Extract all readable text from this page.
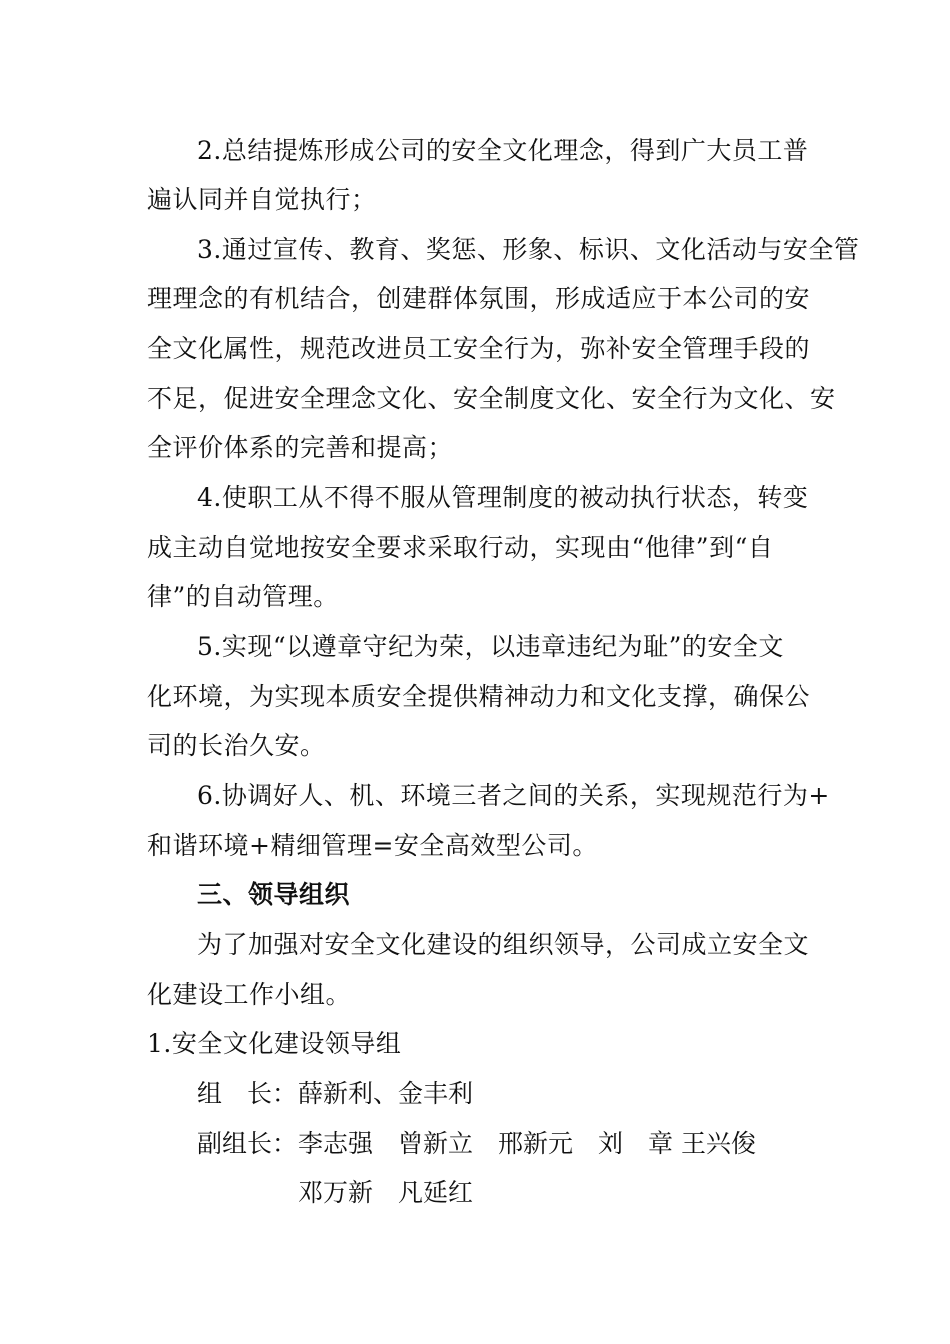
2.总结提炼形成公司的安全文化理念，得到广大员工普
遍认同并自觉执行；
3.通过宣传、教育、奖惩、形象、标识、文化活动与安全管
理理念的有机结合，创建群体氛围，形成适应于本公司的安
全文化属性，规范改进员工安全行为，弥补安全管理手段的
不足，促进安全理念文化、安全制度文化、安全行为文化、安
全评价体系的完善和提高；
4.使职工从不得不服从管理制度的被动执行状态，转变
成主动自觉地按安全要求采取行动，实现由“他律”到“自
律”的自动管理。
5.实现“以遵章守纪为荣，以违章违纪为耻”的安全文
化环境，为实现本质安全提供精神动力和文化支撑，确保公
司的长治久安。
6.协调好人、机、环境三者之间的关系，实现规范行为+
和谐环境+精细管理=安全高效型公司。
三、领导组织
为了加强对安全文化建设的组织领导，公司成立安全文
化建设工作小组。
1.安全文化建设领导组
组　长： 薛新利、金丰利
副组长： 李志强　曾新立　邢新元　刘　章 王兴俊
邓万新　凡延红
